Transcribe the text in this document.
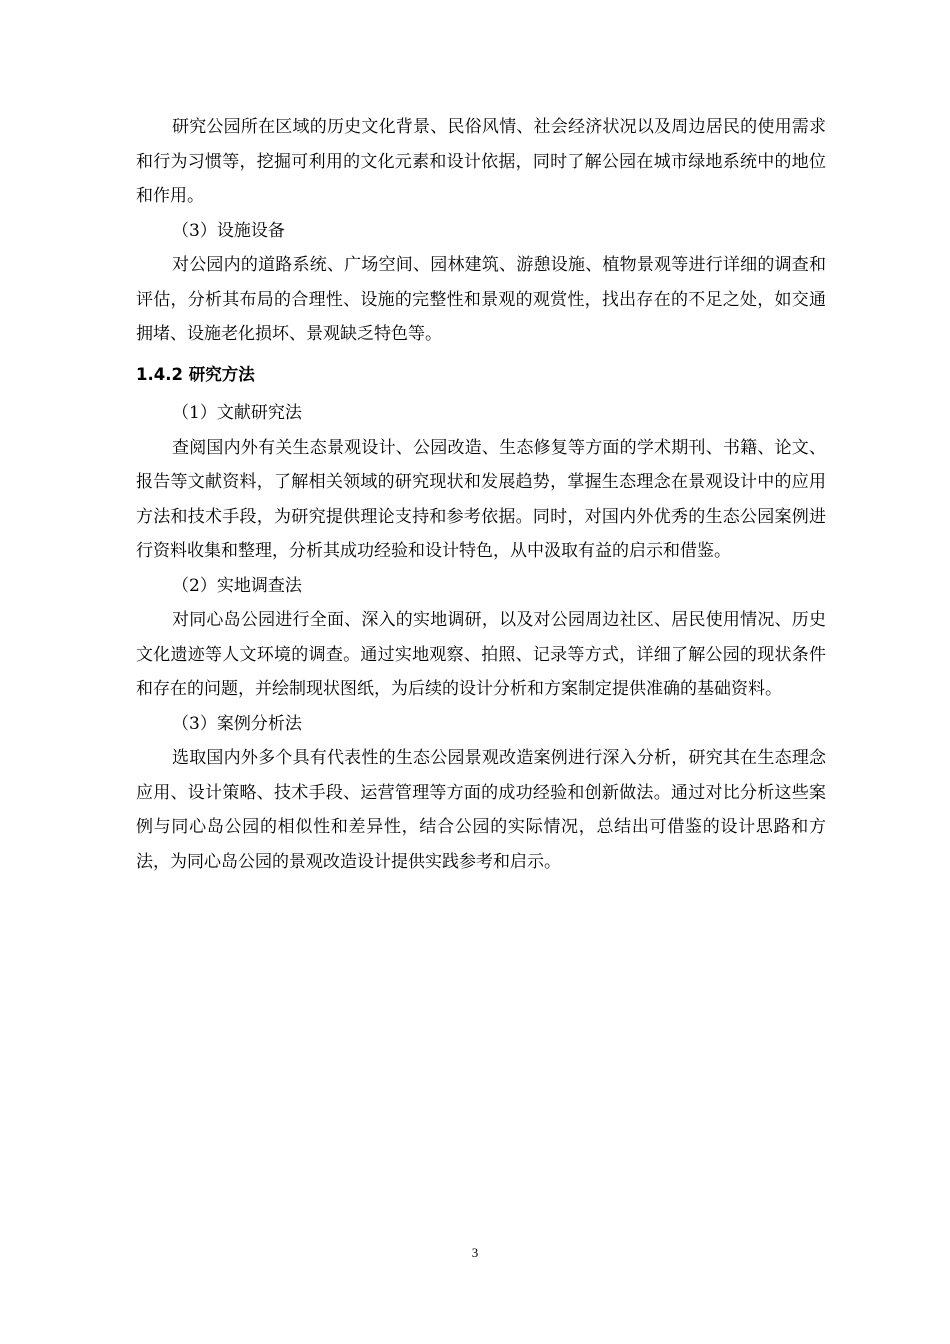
研究公园所在区域的历史文化背景、民俗风情、社会经济状况以及周边居民的使用需求和行为习惯等，挖掘可利用的文化元素和设计依据，同时了解公园在城市绿地系统中的地位和作用。

（3）设施设备

对公园内的道路系统、广场空间、园林建筑、游憩设施、植物景观等进行详细的调查和评估，分析其布局的合理性、设施的完整性和景观的观赏性，找出存在的不足之处，如交通拥堵、设施老化损坏、景观缺乏特色等。

1.4.2 研究方法

（1）文献研究法

查阅国内外有关生态景观设计、公园改造、生态修复等方面的学术期刊、书籍、论文、报告等文献资料，了解相关领域的研究现状和发展趋势，掌握生态理念在景观设计中的应用方法和技术手段，为研究提供理论支持和参考依据。同时，对国内外优秀的生态公园案例进行资料收集和整理，分析其成功经验和设计特色，从中汲取有益的启示和借鉴。

（2）实地调查法

对同心岛公园进行全面、深入的实地调研，以及对公园周边社区、居民使用情况、历史文化遗迹等人文环境的调查。通过实地观察、拍照、记录等方式，详细了解公园的现状条件和存在的问题，并绘制现状图纸，为后续的设计分析和方案制定提供准确的基础资料。

（3）案例分析法

选取国内外多个具有代表性的生态公园景观改造案例进行深入分析，研究其在生态理念应用、设计策略、技术手段、运营管理等方面的成功经验和创新做法。通过对比分析这些案例与同心岛公园的相似性和差异性，结合公园的实际情况，总结出可借鉴的设计思路和方法，为同心岛公园的景观改造设计提供实践参考和启示。

3
